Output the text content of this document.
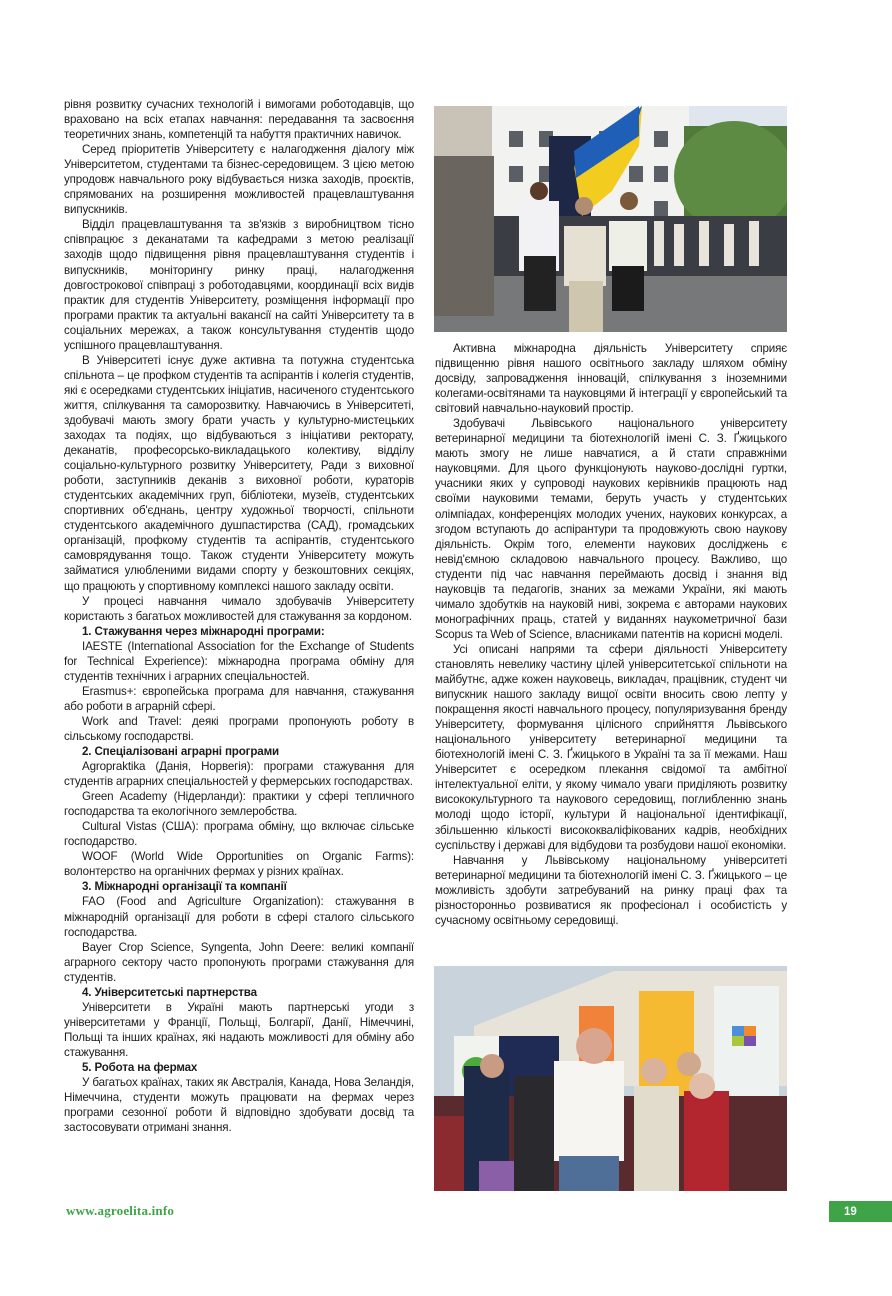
рівня розвитку сучасних технологій і вимогами роботодавців, що враховано на всіх етапах навчання: передавання та засвоєння теоретичних знань, компетенцій та набуття практичних навичок.

Серед пріоритетів Університету є налагодження діалогу між Університетом, студентами та бізнес-середовищем. З цією метою упродовж навчального року відбувається низка заходів, проєктів, спрямованих на розширення можливостей працевлаштування випускників.

Відділ працевлаштування та зв'язків з виробництвом тісно співпрацює з деканатами та кафедрами з метою реалізації заходів щодо підвищення рівня працевлаштування студентів і випускників, моніторингу ринку праці, налагодження довгострокової співпраці з роботодавцями, координації всіх видів практик для студентів Університету, розміщення інформації про програми практик та актуальні вакансії на сайті Університету та в соціальних мережах, а також консультування студентів щодо успішного працевлаштування.

В Університеті існує дуже активна та потужна студентська спільнота – це профком студентів та аспірантів і колегія студентів, які є осередками студентських ініціатив, насиченого студентського життя, спілкування та саморозвитку. Навчаючись в Університеті, здобувачі мають змогу брати участь у культурно-мистецьких заходах та подіях, що відбуваються з ініціативи ректорату, деканатів, професорсько-викладацького колективу, відділу соціально-культурного розвитку Університету, Ради з виховної роботи, заступників деканів з виховної роботи, кураторів студентських академічних груп, бібліотеки, музеїв, студентських спортивних об'єднань, центру художньої творчості, спільноти студентського академічного душпастирства (САД), громадських організацій, профкому студентів та аспірантів, студентського самоврядування тощо. Також студенти Університету можуть займатися улюбленими видами спорту у безкоштовних секціях, що працюють у спортивному комплексі нашого закладу освіти.

У процесі навчання чимало здобувачів Університету користають з багатьох можливостей для стажування за кордоном.

1. Стажування через міжнародні програми:

IAESTE (International Association for the Exchange of Students for Technical Experience): міжнародна програма обміну для студентів технічних і аграрних спеціальностей.

Erasmus+: європейська програма для навчання, стажування або роботи в аграрній сфері.

Work and Travel: деякі програми пропонують роботу в сільському господарстві.

2. Спеціалізовані аграрні програми

Agropraktika (Данія, Норвегія): програми стажування для студентів аграрних спеціальностей у фермерських господарствах.

Green Academy (Нідерланди): практики у сфері тепличного господарства та екологічного землеробства.

Cultural Vistas (США): програма обміну, що включає сільське господарство.

WOOF (World Wide Opportunities on Organic Farms): волонтерство на органічних фермах у різних країнах.

3. Міжнародні організації та компанії

FAO (Food and Agriculture Organization): стажування в міжнародній організації для роботи в сфері сталого сільського господарства.

Bayer Crop Science, Syngenta, John Deere: великі компанії аграрного сектору часто пропонують програми стажування для студентів.

4. Університетські партнерства

Університети в Україні мають партнерські угоди з університетами у Франції, Польщі, Болгарії, Данії, Німеччині, Польщі та інших країнах, які надають можливості для обміну або стажування.

5. Робота на фермах

У багатьох країнах, таких як Австралія, Канада, Нова Зеландія, Німеччина, студенти можуть працювати на фермах через програми сезонної роботи й відповідно здобувати досвід та застосовувати отримані знання.

Активна міжнародна діяльність Університету сприяє підвищенню рівня нашого освітнього закладу шляхом обміну досвіду, запровадження інновацій, спілкування з іноземними колегами-освітянами та науковцями й інтеграції у європейський та світовий навчально-науковий простір.

Здобувачі Львівського національного університету ветеринарної медицини та біотехнологій імені С. З. Ґжицького мають змогу не лише навчатися, а й стати справжніми науковцями. Для цього функціонують науково-дослідні гуртки, учасники яких у супроводі наукових керівників працюють над своїми науковими темами, беруть участь у студентських олімпіадах, конференціях молодих учених, наукових конкурсах, а згодом вступають до аспірантури та продовжують свою наукову діяльність. Окрім того, елементи наукових досліджень є невід'ємною складовою навчального процесу. Важливо, що студенти під час навчання переймають досвід і знання від науковців та педагогів, знаних за межами України, які мають чимало здобутків на науковій ниві, зокрема є авторами наукових монографічних праць, статей у виданнях наукометричної бази Scopus та Web of Science, власниками патентів на корисні моделі.

Усі описані напрями та сфери діяльності Університету становлять невелику частину цілей університетської спільноти на майбутнє, адже кожен науковець, викладач, працівник, студент чи випускник нашого закладу вищої освіти вносить свою лепту у покращення якості навчального процесу, популяризування бренду Університету, формування цілісного сприйняття Львівського національного університету ветеринарної медицини та біотехнологій імені С. З. Ґжицького в Україні та за її межами. Наш Університет є осередком плекання свідомої та амбітної інтелектуальної еліти, у якому чимало уваги приділяють розвитку висококультурного та наукового середовищ, поглибленню знань молоді щодо історії, культури й національної ідентифікації, збільшенню кількості висококваліфікованих кадрів, необхідних суспільству і державі для відбудови та розбудови нашої економіки.

Навчання у Львівському національному університеті ветеринарної медицини та біотехнологій імені С. З. Ґжицького – це можливість здобути затребуваний на ринку праці фах та різносторонньо розвиватися як професіонал і особистість у сучасному освітньому середовищі.

www.agroelita.info	19
